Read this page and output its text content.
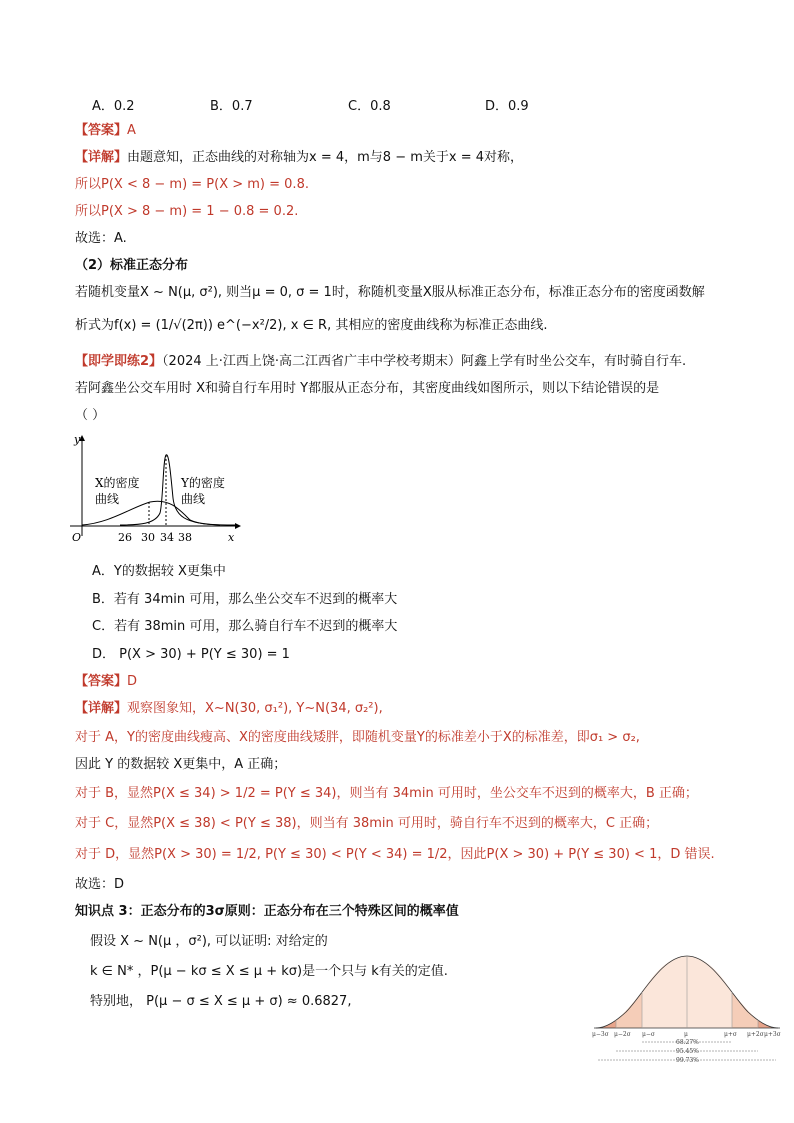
A．0.2	B．0.7	C．0.8	D．0.9
【答案】A
【详解】由题意知，正态曲线的对称轴为x = 4，m与8 − m关于x = 4对称，
所以P(X < 8 − m) = P(X > m) = 0.8.
所以P(X > 8 − m) = 1 − 0.8 = 0.2.
故选：A.
（2）标准正态分布
若随机变量X ~ N(μ, σ²), 则当μ = 0, σ = 1时，称随机变量X服从标准正态分布，标准正态分布的密度函数解
析式为f(x) = (1/√(2π)) e^(−x²/2), x ∈ R, 其相应的密度曲线称为标准正态曲线.
【即学即练2】（2024 上·江西上饶·高二江西省广丰中学校考期末）阿鑫上学有时坐公交车，有时骑自行车.
若阿鑫坐公交车用时 X和骑自行车用时 Y都服从正态分布，其密度曲线如图所示，则以下结论错误的是
（ ）
y
x
O	26 30 34 38
X的密度
曲线
Y的密度
曲线
A．Y的数据较 X更集中
B．若有 34min 可用，那么坐公交车不迟到的概率大
C．若有 38min 可用，那么骑自行车不迟到的概率大
D． P(X > 30) + P(Y ≤ 30) = 1
【答案】D
【详解】观察图象知，X~N(30, σ₁²), Y~N(34, σ₂²),
对于 A，Y的密度曲线瘦高、X的密度曲线矮胖，即随机变量Y的标准差小于X的标准差，即σ₁ > σ₂,
因此 Y 的数据较 X更集中，A 正确；
对于 B，显然P(X ≤ 34) > 1/2 = P(Y ≤ 34)，则当有 34min 可用时，坐公交车不迟到的概率大，B 正确；
对于 C，显然P(X ≤ 38) < P(Y ≤ 38)，则当有 38min 可用时，骑自行车不迟到的概率大，C 正确；
对于 D，显然P(X > 30) = 1/2, P(Y ≤ 30) < P(Y < 34) = 1/2，因此P(X > 30) + P(Y ≤ 30) < 1，D 错误.
故选：D
知识点 3：正态分布的3σ原则：正态分布在三个特殊区间的概率值
假设 X ~ N(μ ，σ²), 可以证明: 对给定的
k ∈ N* ，P(μ − kσ ≤ X ≤ μ + kσ)是一个只与 k有关的定值.
特别地， P(μ − σ ≤ X ≤ μ + σ) ≈ 0.6827,
μ−3σ μ−2σ μ−σ	μ	μ+σ μ+2σ μ+3σ
68.27%
95.45%
99.73%
